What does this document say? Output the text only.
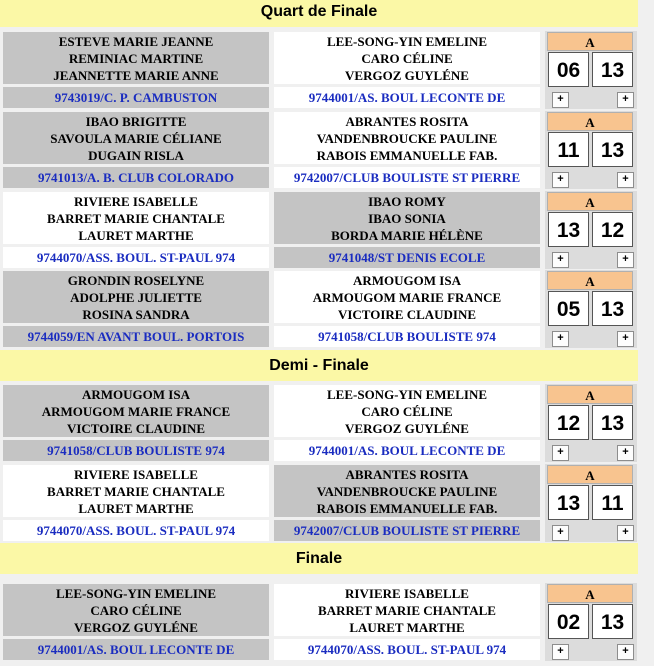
Quart de Finale
Demi - Finale
Finale
ESTEVE MARIE JEANNE
REMINIAC MARTINE
JEANNETTE MARIE ANNE
LEE-SONG-YIN EMELINE
CARO CÉLINE
VERGOZ GUYLÉNE
9743019/C. P. CAMBUSTON	9744001/AS. BOUL LECONTE DE
A
06 13
+	+
IBAO BRIGITTE
SAVOULA MARIE CÉLIANE
DUGAIN RISLA
ABRANTES ROSITA
VANDENBROUCKE PAULINE
RABOIS EMMANUELLE FAB.
9741013/A. B. CLUB COLORADO	9742007/CLUB BOULISTE ST PIERRE
A
11	13
+	+
RIVIERE ISABELLE
BARRET MARIE CHANTALE
LAURET MARTHE
IBAO ROMY
IBAO SONIA
BORDA MARIE HÉLÈNE
9744070/ASS. BOUL. ST-PAUL 974	9741048/ST DENIS ECOLE
A
13 12
+	+
GRONDIN ROSELYNE
ADOLPHE JULIETTE
ROSINA SANDRA
ARMOUGOM ISA
ARMOUGOM MARIE FRANCE
VICTOIRE CLAUDINE
9744059/EN AVANT BOUL. PORTOIS	9741058/CLUB BOULISTE 974
A
05 13
+	+
ARMOUGOM ISA
ARMOUGOM MARIE FRANCE
VICTOIRE CLAUDINE
LEE-SONG-YIN EMELINE
CARO CÉLINE
VERGOZ GUYLÉNE
9741058/CLUB BOULISTE 974	9744001/AS. BOUL LECONTE DE
A
12 13
+	+
RIVIERE ISABELLE
BARRET MARIE CHANTALE
LAURET MARTHE
ABRANTES ROSITA
VANDENBROUCKE PAULINE
RABOIS EMMANUELLE FAB.
9744070/ASS. BOUL. ST-PAUL 974	9742007/CLUB BOULISTE ST PIERRE
A
13	11
+	+
LEE-SONG-YIN EMELINE
CARO CÉLINE
VERGOZ GUYLÉNE
RIVIERE ISABELLE
BARRET MARIE CHANTALE
LAURET MARTHE
9744001/AS. BOUL LECONTE DE	9744070/ASS. BOUL. ST-PAUL 974
A
02 13
+	+
